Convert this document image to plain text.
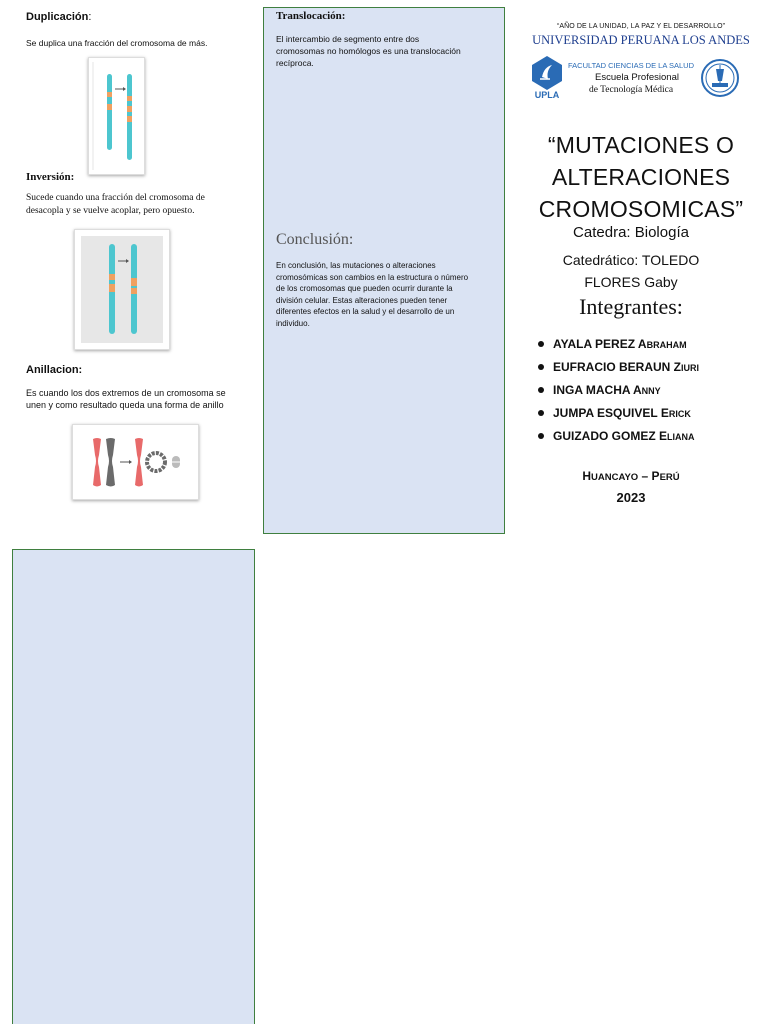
Duplicación:
Se duplica una fracción del cromosoma de más.
Inversión:
Sucede cuando una fracción del cromosoma de
desacopla y se vuelve acoplar, pero opuesto.
Anillacion:
Es cuando los dos extremos de un cromosoma se
unen y como resultado queda una forma de anillo
Translocación:
El intercambio de segmento entre dos
cromosomas no homólogos es una translocación
recíproca.
Conclusión:
En conclusión, las mutaciones o alteraciones
cromosómicas son cambios en la estructura o número
de los cromosomas que pueden ocurrir durante la
división celular. Estas alteraciones pueden tener
diferentes efectos en la salud y el desarrollo de un
individuo.
“AÑO DE LA UNIDAD, LA PAZ Y EL DESARROLLO”
UNIVERSIDAD PERUANA LOS ANDES
UPLA
FACULTAD CIENCIAS DE LA SALUD
Escuela Profesional
de Tecnología Médica
“MUTACIONES O
ALTERACIONES
CROMOSOMICAS”
Catedra: Biología
Catedrático: TOLEDO
FLORES Gaby
Integrantes:
AYALA PEREZ ABRAHAM
EUFRACIO BERAUN ZIURI
INGA MACHA ANNY
JUMPA ESQUIVEL ERICK
GUIZADO GOMEZ ELIANA
HUANCAYO – PERÚ
2023
